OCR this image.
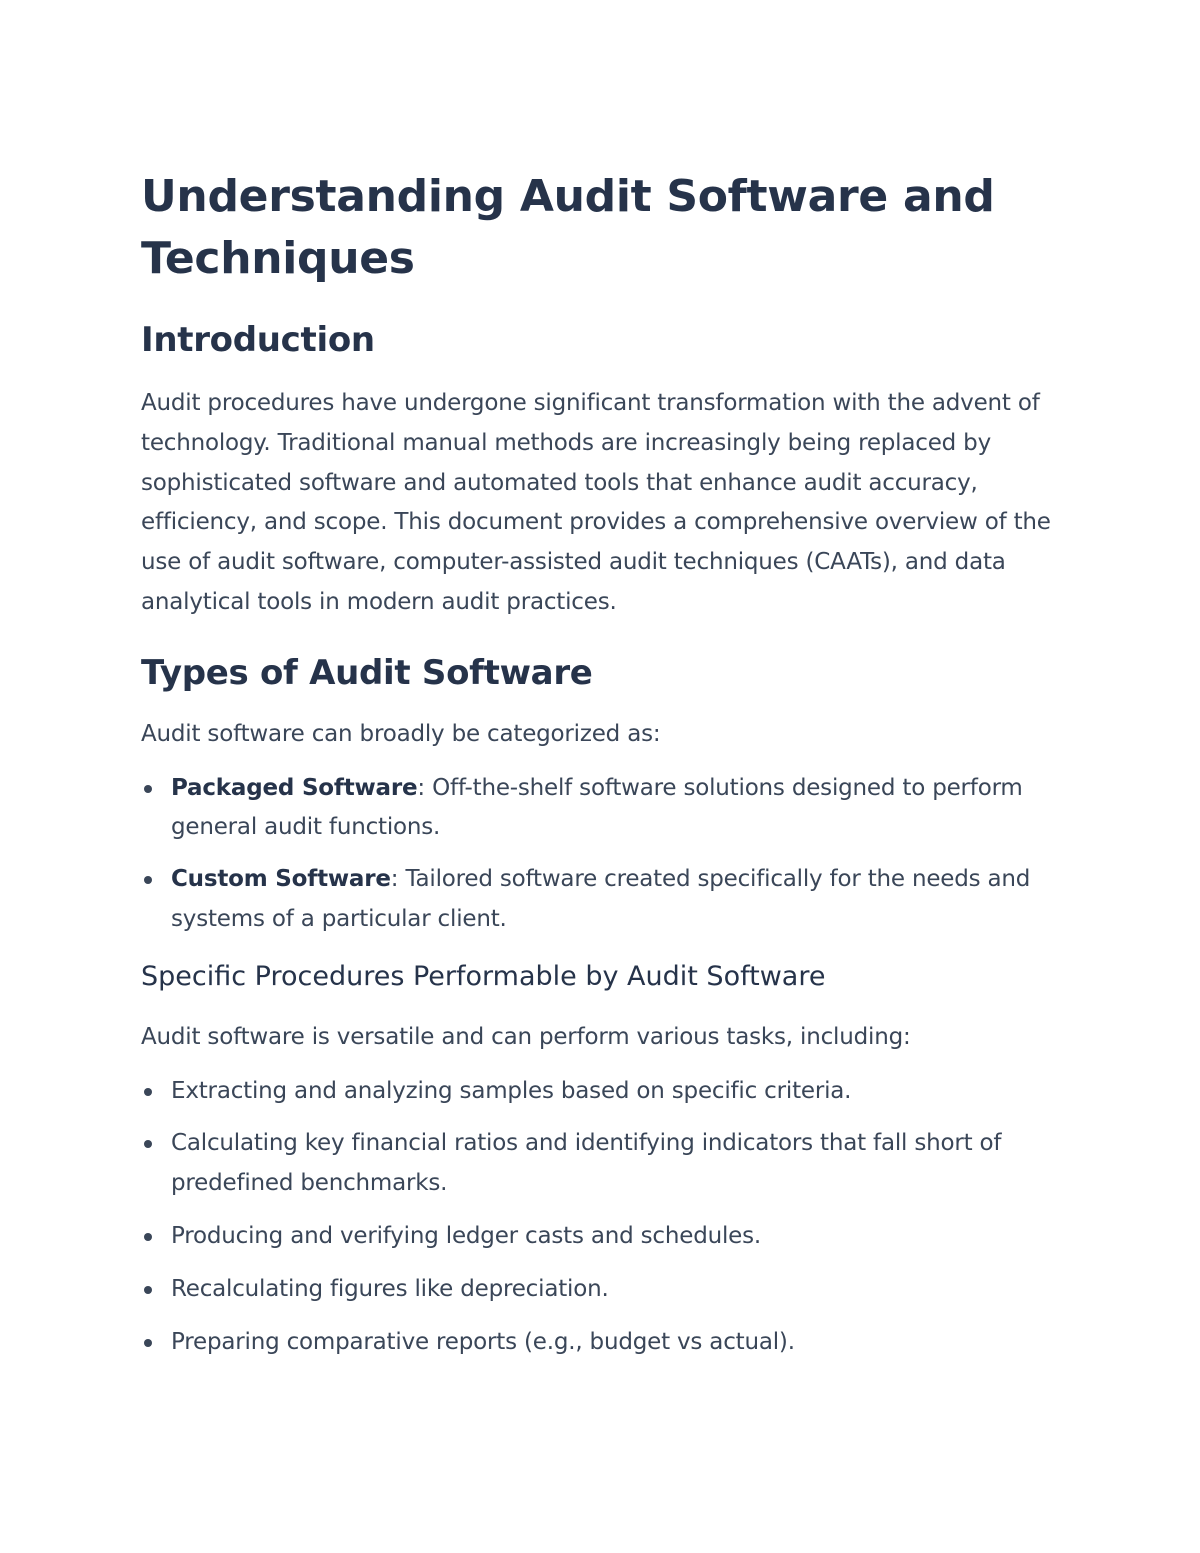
Understanding Audit Software and Techniques
Introduction

Audit procedures have undergone significant transformation with the advent of technology. Traditional manual methods are increasingly being replaced by sophisticated software and automated tools that enhance audit accuracy, efficiency, and scope. This document provides a comprehensive overview of the use of audit software, computer-assisted audit techniques (CAATs), and data analytical tools in modern audit practices.

Types of Audit Software

Audit software can broadly be categorized as:

Packaged Software: Off-the-shelf software solutions designed to perform general audit functions.
Custom Software: Tailored software created specifically for the needs and systems of a particular client.
Specific Procedures Performable by Audit Software

Audit software is versatile and can perform various tasks, including:

Extracting and analyzing samples based on specific criteria.
Calculating key financial ratios and identifying indicators that fall short of predefined benchmarks.
Producing and verifying ledger casts and schedules.
Recalculating figures like depreciation.
Preparing comparative reports (e.g., budget vs actual).
